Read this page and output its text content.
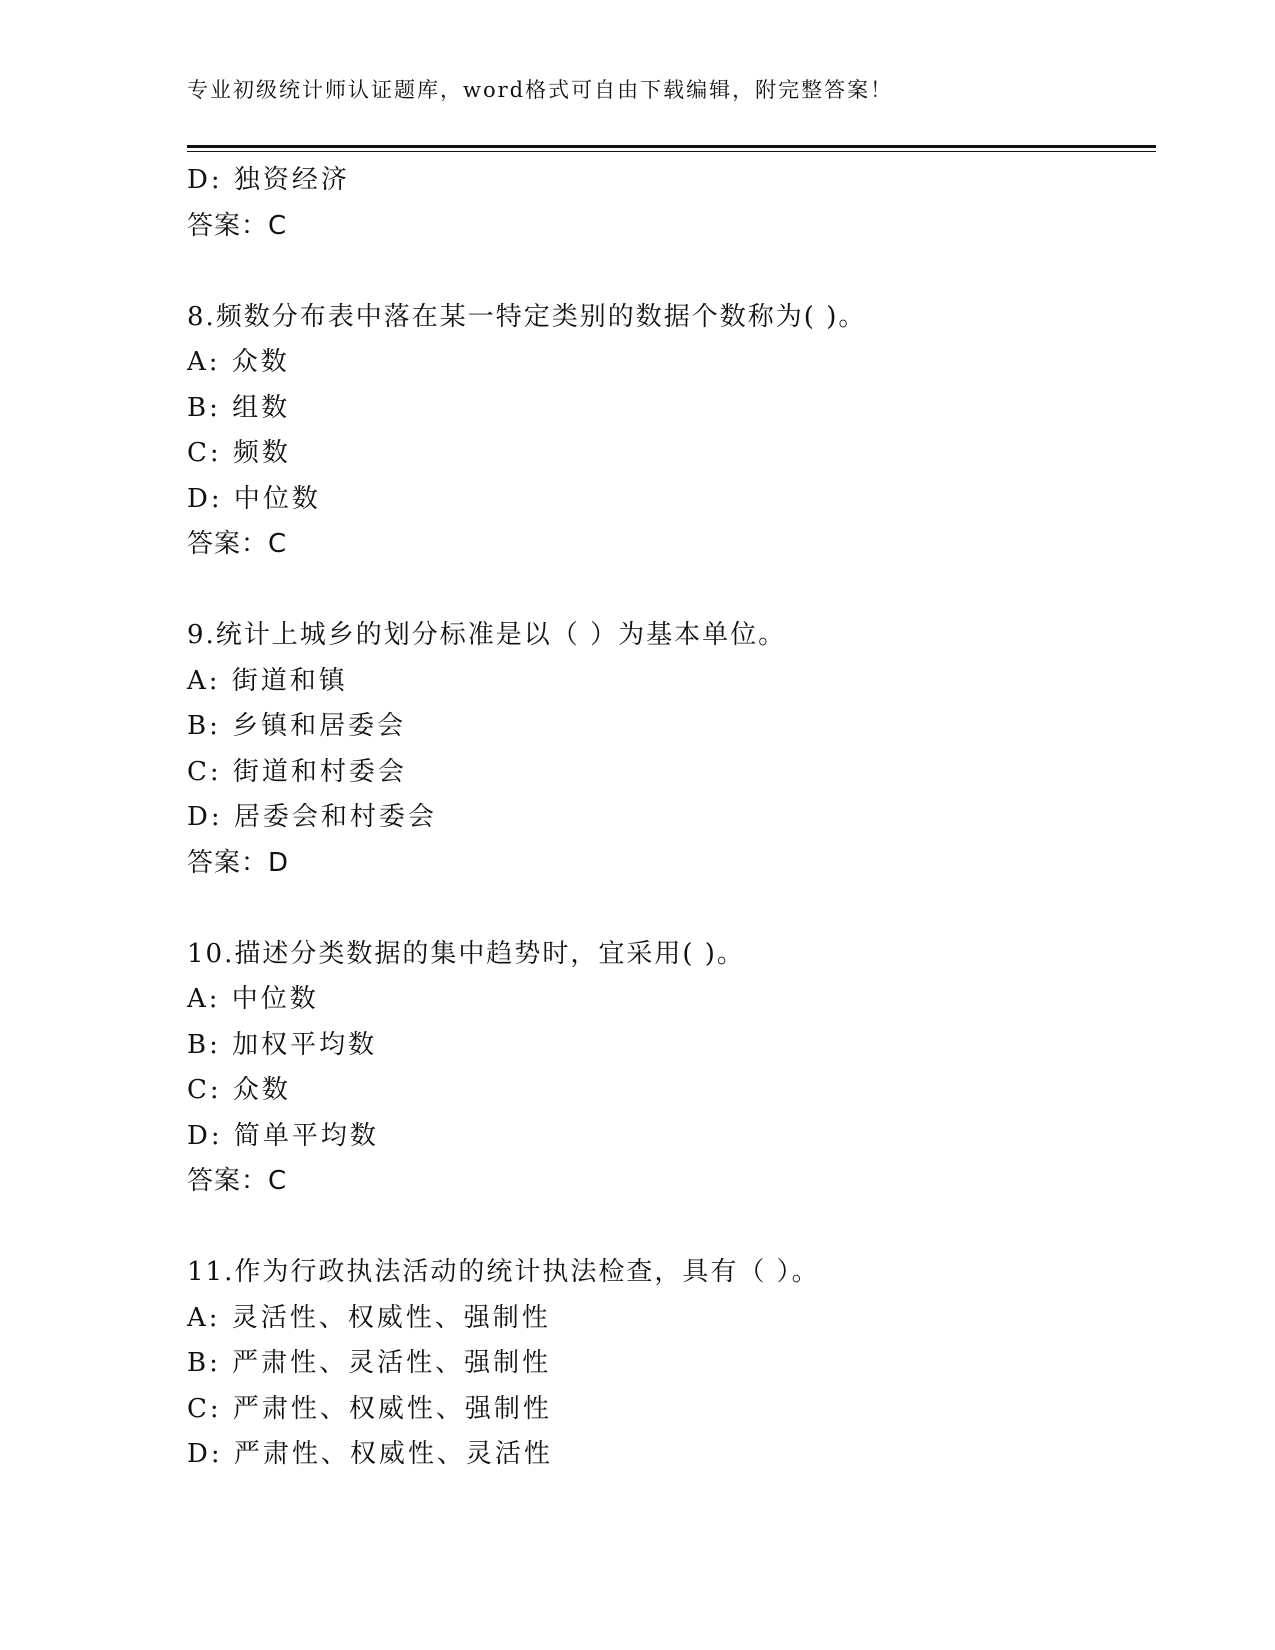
专业初级统计师认证题库，word格式可自由下载编辑，附完整答案！
D: 独资经济
答案：C
8.频数分布表中落在某一特定类别的数据个数称为( )。
A: 众数
B: 组数
C: 频数
D: 中位数
答案：C
9.统计上城乡的划分标准是以（ ）为基本单位。
A: 街道和镇
B: 乡镇和居委会
C: 街道和村委会
D: 居委会和村委会
答案：D
10.描述分类数据的集中趋势时，宜采用( )。
A: 中位数
B: 加权平均数
C: 众数
D: 简单平均数
答案：C
11.作为行政执法活动的统计执法检查，具有（ ）。
A: 灵活性、权威性、强制性
B: 严肃性、灵活性、强制性
C: 严肃性、权威性、强制性
D: 严肃性、权威性、灵活性
